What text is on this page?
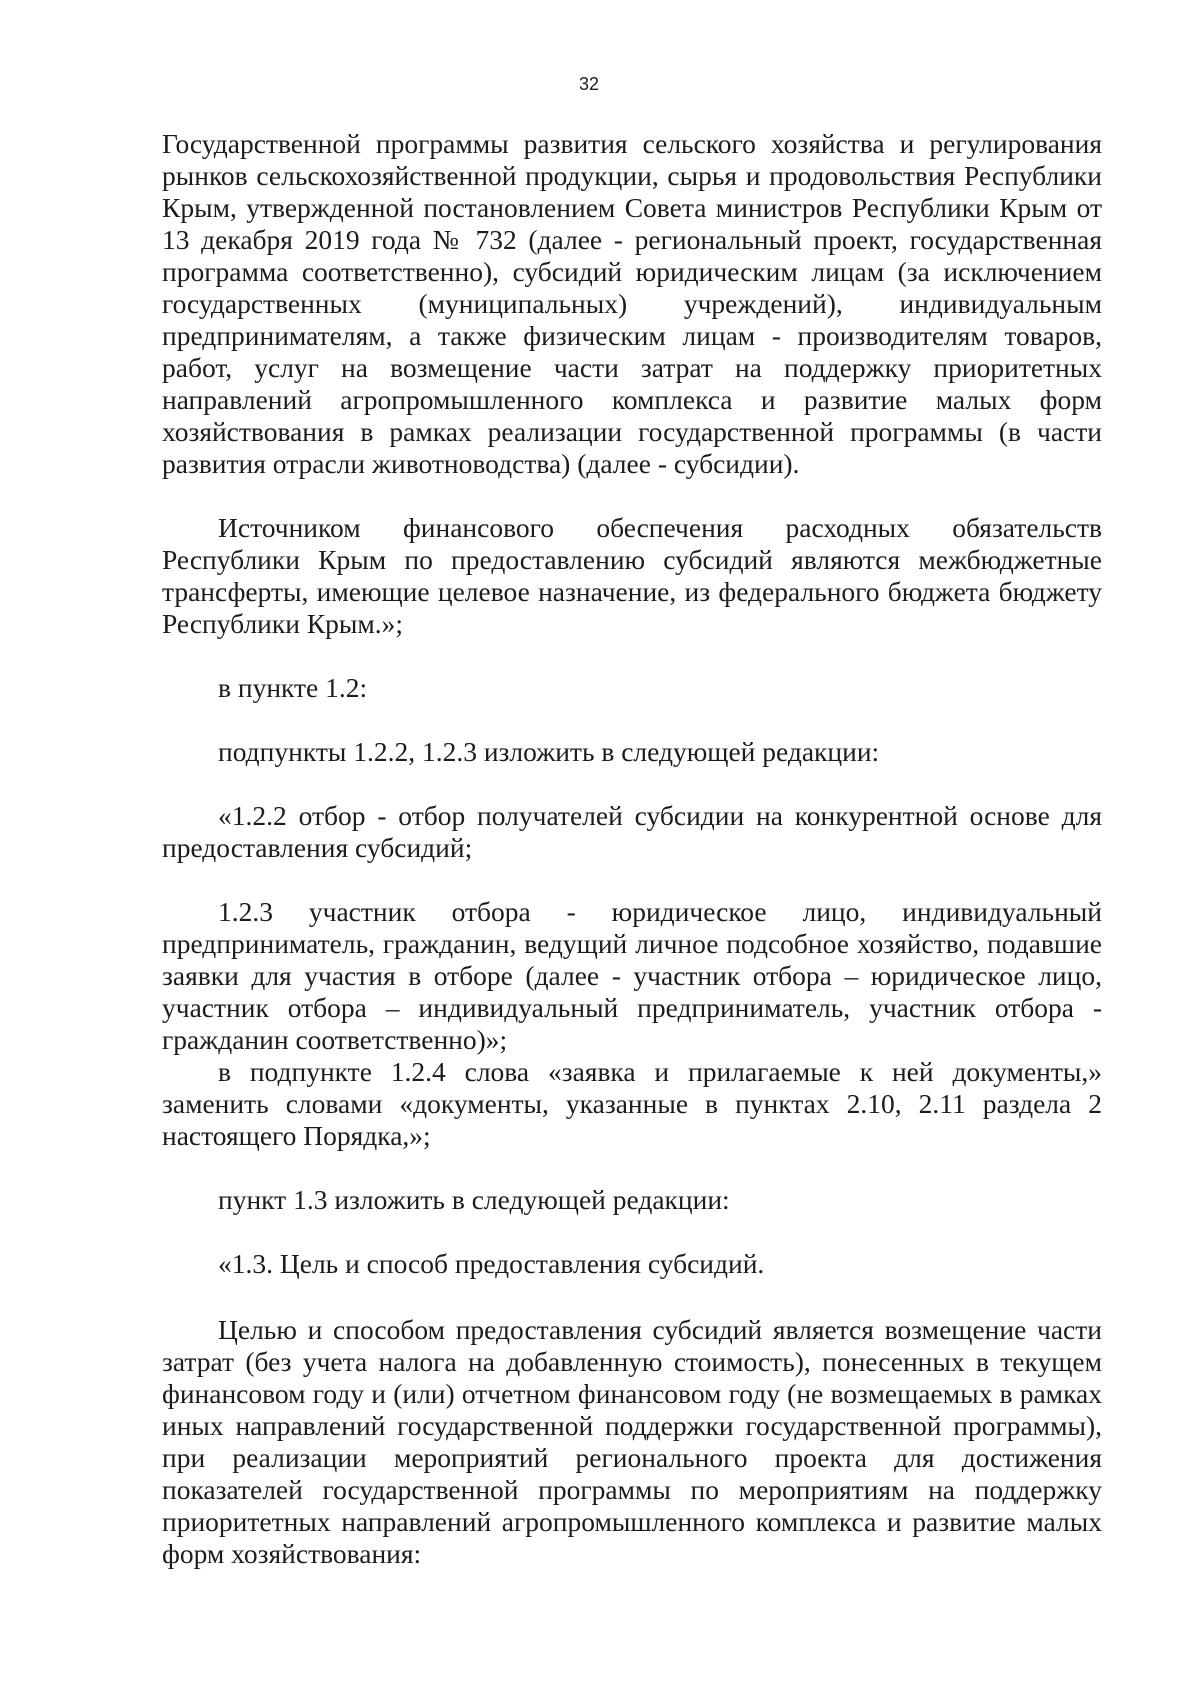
32

Государственной программы развития сельского хозяйства и регулирования рынков сельскохозяйственной продукции, сырья и продовольствия Республики Крым, утвержденной постановлением Совета министров Республики Крым от 13 декабря 2019 года № 732 (далее - региональный проект, государственная программа соответственно), субсидий юридическим лицам (за исключением государственных (муниципальных) учреждений), индивидуальным предпринимателям, а также физическим лицам - производителям товаров, работ, услуг на возмещение части затрат на поддержку приоритетных направлений агропромышленного комплекса и развитие малых форм хозяйствования в рамках реализации государственной программы (в части развития отрасли животноводства) (далее - субсидии).

Источником финансового обеспечения расходных обязательств Республики Крым по предоставлению субсидий являются межбюджетные трансферты, имеющие целевое назначение, из федерального бюджета бюджету Республики Крым.»;

в пункте 1.2:

подпункты 1.2.2, 1.2.3 изложить в следующей редакции:

«1.2.2 отбор - отбор получателей субсидии на конкурентной основе для предоставления субсидий;

1.2.3 участник отбора - юридическое лицо, индивидуальный предприниматель, гражданин, ведущий личное подсобное хозяйство, подавшие заявки для участия в отборе (далее - участник отбора – юридическое лицо, участник отбора – индивидуальный предприниматель, участник отбора - гражданин соответственно)»;

в подпункте 1.2.4 слова «заявка и прилагаемые к ней документы,» заменить словами «документы, указанные в пунктах 2.10, 2.11 раздела 2 настоящего Порядка,»;

пункт 1.3 изложить в следующей редакции:

«1.3. Цель и способ предоставления субсидий.

Целью и способом предоставления субсидий является возмещение части затрат (без учета налога на добавленную стоимость), понесенных в текущем финансовом году и (или) отчетном финансовом году (не возмещаемых в рамках иных направлений государственной поддержки государственной программы), при реализации мероприятий регионального проекта для достижения показателей государственной программы по мероприятиям на поддержку приоритетных направлений агропромышленного комплекса и развитие малых форм хозяйствования:
